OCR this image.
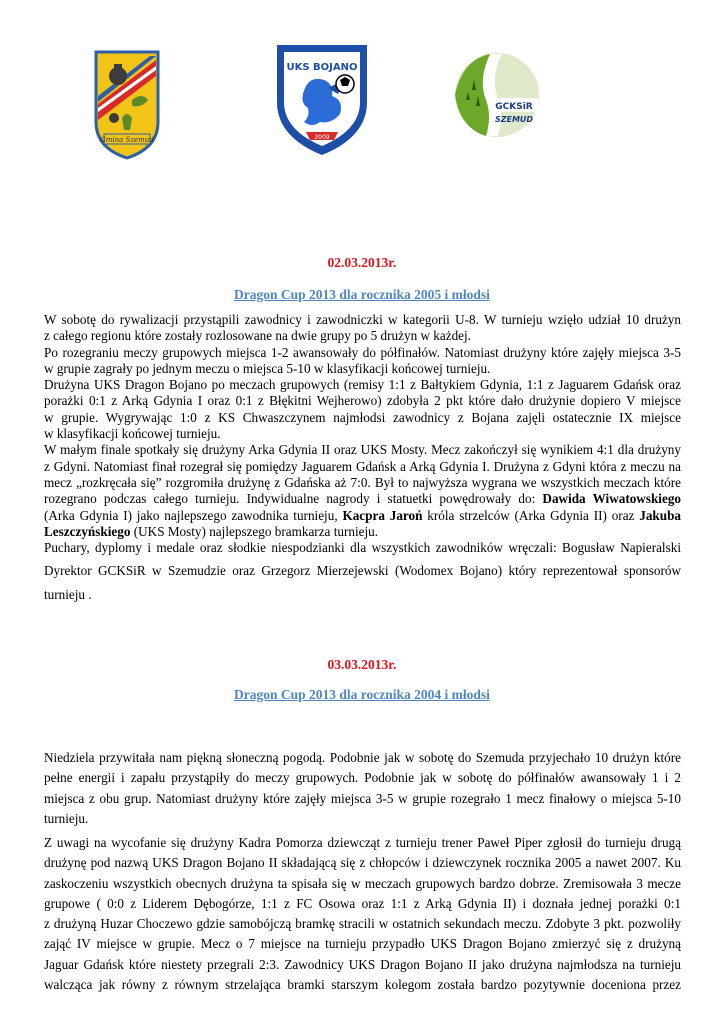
Gmina Szemud
UKS BOJANO
2009
GCKSiR
SZEMUD
02.03.2013r.
Dragon Cup 2013 dla rocznika 2005 i młodsi
W sobotę do rywalizacji przystąpili zawodnicy i zawodniczki w kategorii U-8. W turnieju wzięło udział 10 drużyn
z całego regionu które zostały rozlosowane na dwie grupy po 5 drużyn w każdej.
Po rozegraniu meczy grupowych miejsca 1-2 awansowały do półfinałów. Natomiast drużyny które zajęły miejsca 3-5
w grupie zagrały po jednym meczu o miejsca 5-10 w klasyfikacji końcowej turnieju.
Drużyna UKS Dragon Bojano po meczach grupowych (remisy 1:1 z Bałtykiem Gdynia, 1:1 z Jaguarem Gdańsk oraz
porażki 0:1 z Arką Gdynia I oraz 0:1 z Błękitni Wejherowo) zdobyła 2 pkt które dało drużynie dopiero V miejsce
w grupie. Wygrywając 1:0 z KS Chwaszczynem najmłodsi zawodnicy z Bojana zajęli ostatecznie IX miejsce
w klasyfikacji końcowej turnieju.
W małym finale spotkały się drużyny Arka Gdynia II oraz UKS Mosty. Mecz zakończył się wynikiem 4:1 dla drużyny
z Gdyni. Natomiast finał rozegrał się pomiędzy Jaguarem Gdańsk a Arką Gdynia I. Drużyna z Gdyni która z meczu na
mecz „rozkręcała się” rozgromiła drużynę z Gdańska aż 7:0. Był to najwyższa wygrana we wszystkich meczach które
rozegrano podczas całego turnieju. Indywidualne nagrody i statuetki powędrowały do: Dawida Wiwatowskiego
(Arka Gdynia I) jako najlepszego zawodnika turnieju, Kacpra Jaroń króla strzelców (Arka Gdynia II) oraz Jakuba
Leszczyńskiego (UKS Mosty) najlepszego bramkarza turnieju.
Puchary, dyplomy i medale oraz słodkie niespodzianki dla wszystkich zawodników wręczali: Bogusław Napieralski
Dyrektor GCKSiR w Szemudzie oraz Grzegorz Mierzejewski (Wodomex Bojano) który reprezentował sponsorów
turnieju .
03.03.2013r.
Dragon Cup 2013 dla rocznika 2004 i młodsi
Niedziela przywitała nam piękną słoneczną pogodą. Podobnie jak w sobotę do Szemuda przyjechało 10 drużyn które
pełne energii i zapału przystąpiły do meczy grupowych. Podobnie jak w sobotę do półfinałów awansowały 1 i 2
miejsca z obu grup. Natomiast drużyny które zajęły miejsca 3-5 w grupie rozegrało 1 mecz finałowy o miejsca 5-10
turnieju.
Z uwagi na wycofanie się drużyny Kadra Pomorza dziewcząt z turnieju trener Paweł Piper zgłosił do turnieju drugą
drużynę pod nazwą UKS Dragon Bojano II składającą się z chłopców i dziewczynek rocznika 2005 a nawet 2007. Ku
zaskoczeniu wszystkich obecnych drużyna ta spisała się w meczach grupowych bardzo dobrze. Zremisowała 3 mecze
grupowe ( 0:0 z Liderem Dębogórze, 1:1 z FC Osowa oraz 1:1 z Arką Gdynia II) i doznała jednej porażki 0:1
z drużyną Huzar Choczewo gdzie samobójczą bramkę stracili w ostatnich sekundach meczu. Zdobyte 3 pkt. pozwoliły
zająć IV miejsce w grupie. Mecz o 7 miejsce na turnieju przypadło UKS Dragon Bojano zmierzyć się z drużyną
Jaguar Gdańsk które niestety przegrali 2:3. Zawodnicy UKS Dragon Bojano II jako drużyna najmłodsza na turnieju
walcząca jak równy z równym strzelająca bramki starszym kolegom została bardzo pozytywnie doceniona przez
